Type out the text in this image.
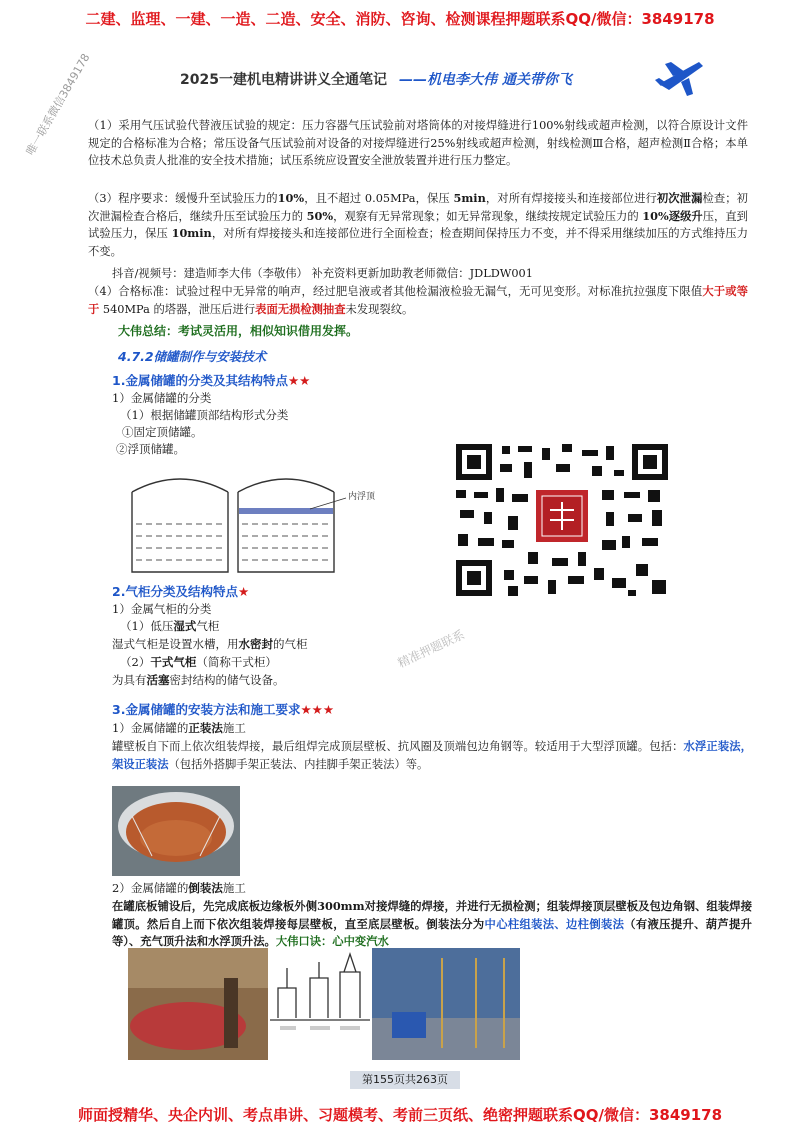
二建、监理、一建、一造、二造、安全、消防、咨询、检测课程押题联系QQ/微信：3849178
2025一建机电精讲讲义全通笔记 ——机电李大伟 通关带你飞
唯一联系微信3849178
精准押题联系
（1）采用气压试验代替液压试验的规定：压力容器气压试验前对塔筒体的对接焊缝进行100%射线或超声检测，以符合原设计文件规定的合格标准为合格；常压设备气压试验前对设备的对接焊缝进行25%射线或超声检测，射线检测Ⅲ合格，超声检测Ⅱ合格；本单位技术总负责人批准的安全技术措施；试压系统应设置安全泄放装置并进行压力整定。
（3）程序要求：缓慢升至试验压力的10%，且不超过 0.05MPa，保压 5min，对所有焊接接头和连接部位进行初次泄漏检查；初次泄漏检查合格后，继续升压至试验压力的 50%，观察有无异常现象；如无异常现象，继续按规定试验压力的 10%逐级升压，直到试验压力，保压 10min，对所有焊接接头和连接部位进行全面检查；检查期间保持压力不变，并不得采用继续加压的方式维持压力不变。
抖音/视频号：建造师李大伟（李敬伟） 补充资料更新加助教老师微信：JDLDW001
（4）合格标准：试验过程中无异常的响声，经过肥皂液或者其他检漏液检验无漏气，无可见变形。对标准抗拉强度下限值大于或等于 540MPa 的塔器，泄压后进行表面无损检测抽查未发现裂纹。
大伟总结：考试灵活用，相似知识借用发挥。
4.7.2储罐制作与安装技术
1.金属储罐的分类及其结构特点★★
1）金属储罐的分类
（1）根据储罐顶部结构形式分类
①固定顶储罐。
②浮顶储罐。
内浮顶
2.气柜分类及结构特点★
1）金属气柜的分类
（1）低压湿式气柜
湿式气柜是设置水槽，用水密封的气柜
（2）干式气柜（简称干式柜）
为具有活塞密封结构的储气设备。
3.金属储罐的安装方法和施工要求★★★
1）金属储罐的正装法施工
罐壁板自下而上依次组装焊接，最后组焊完成顶层壁板、抗风圈及顶端包边角钢等。较适用于大型浮顶罐。包括：水浮正装法，架设正装法（包括外搭脚手架正装法、内挂脚手架正装法）等。
2）金属储罐的倒装法施工
在罐底板铺设后，先完成底板边缘板外侧300mm对接焊缝的焊接，并进行无损检测；组装焊接顶层壁板及包边角钢、组装焊接罐顶。然后自上而下依次组装焊接每层壁板，直至底层壁板。倒装法分为中心柱组装法、边柱倒装法（有液压提升、葫芦提升等）、充气顶升法和水浮顶升法。大伟口诀：心中变汽水
第155页共263页
师面授精华、央企内训、考点串讲、习题模考、考前三页纸、绝密押题联系QQ/微信：3849178
